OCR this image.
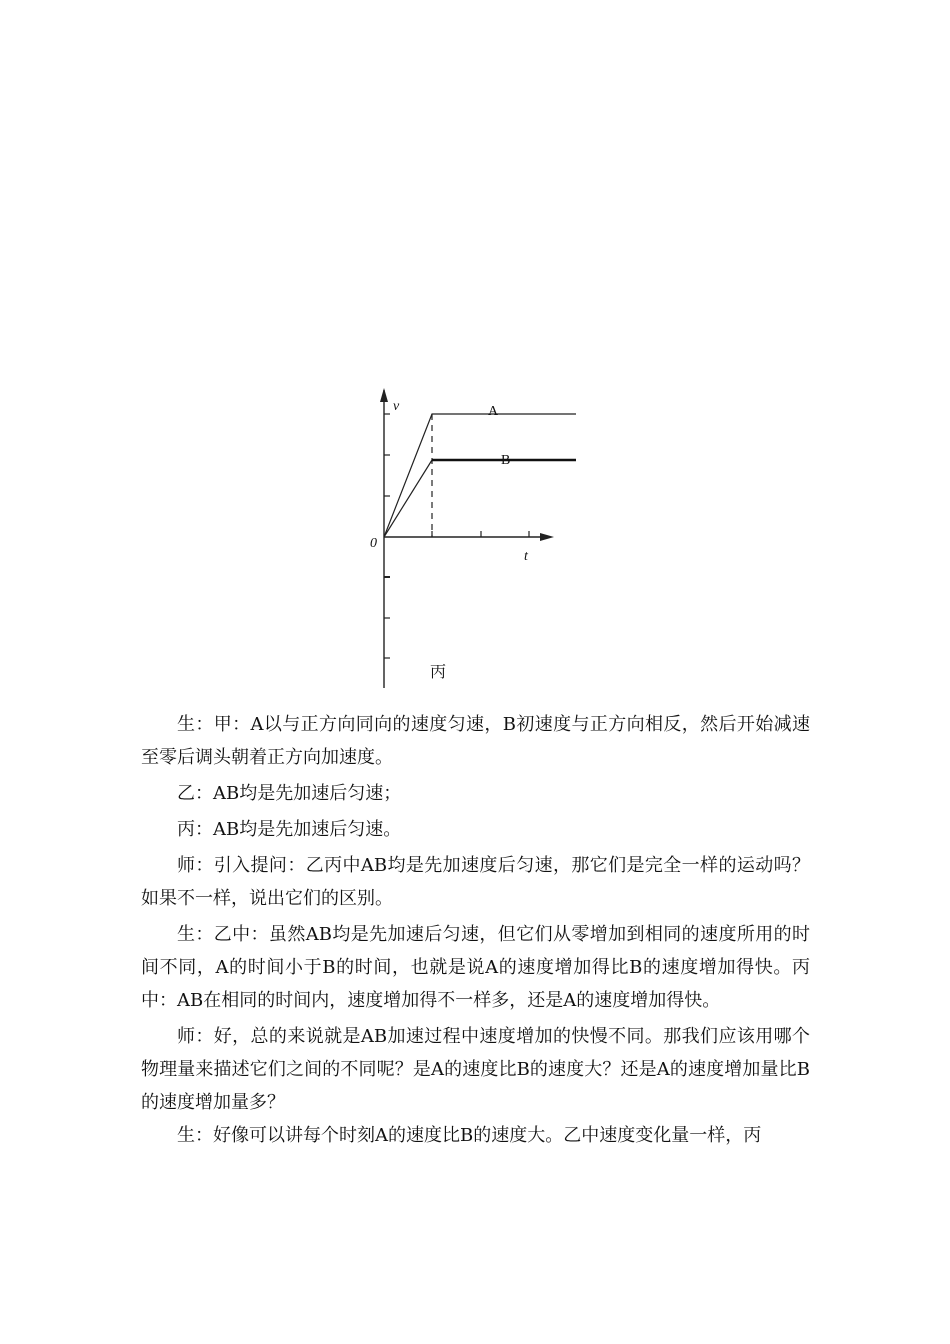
v
t
0
A
B
丙

生：甲：A以与正方向同向的速度匀速，B初速度与正方向相反，然后开始减速至零后调头朝着正方向加速度。

乙：AB均是先加速后匀速；

丙：AB均是先加速后匀速。

师：引入提问：乙丙中AB均是先加速度后匀速，那它们是完全一样的运动吗？如果不一样，说出它们的区别。

生：乙中：虽然AB均是先加速后匀速，但它们从零增加到相同的速度所用的时间不同，A的时间小于B的时间，也就是说A的速度增加得比B的速度增加得快。丙中：AB在相同的时间内，速度增加得不一样多，还是A的速度增加得快。

师：好，总的来说就是AB加速过程中速度增加的快慢不同。那我们应该用哪个物理量来描述它们之间的不同呢？是A的速度比B的速度大？还是A的速度增加量比B的速度增加量多？

生：好像可以讲每个时刻A的速度比B的速度大。乙中速度变化量一样，丙
